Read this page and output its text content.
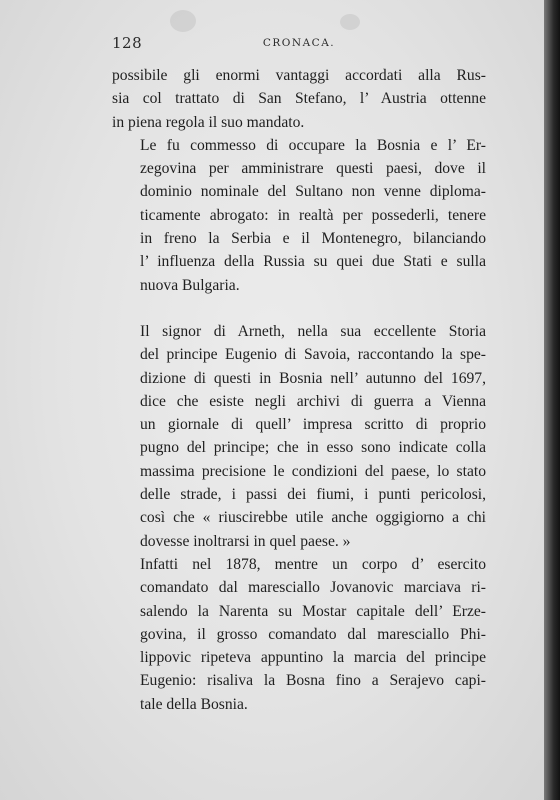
128	CRONACA.

possibile gli enormi vantaggi accordati alla Rus-
sia col trattato di San Stefano, l’ Austria ottenne
in piena regola il suo mandato.

Le fu commesso di occupare la Bosnia e l’ Er-
zegovina per amministrare questi paesi, dove il
dominio nominale del Sultano non venne diploma-
ticamente abrogato: in realtà per possederli, tenere
in freno la Serbia e il Montenegro, bilanciando
l’ influenza della Russia su quei due Stati e sulla
nuova Bulgaria.

Il signor di Arneth, nella sua eccellente Storia
del principe Eugenio di Savoia, raccontando la spe-
dizione di questi in Bosnia nell’ autunno del 1697,
dice che esiste negli archivi di guerra a Vienna
un giornale di quell’ impresa scritto di proprio
pugno del principe; che in esso sono indicate colla
massima precisione le condizioni del paese, lo stato
delle strade, i passi dei fiumi, i punti pericolosi,
così che « riuscirebbe utile anche oggigiorno a chi
dovesse inoltrarsi in quel paese. »

Infatti nel 1878, mentre un corpo d’ esercito
comandato dal maresciallo Jovanovic marciava ri-
salendo la Narenta su Mostar capitale dell’ Erze-
govina, il grosso comandato dal maresciallo Phi-
lippovic ripeteva appuntino la marcia del principe
Eugenio: risaliva la Bosna fino a Serajevo capi-
tale della Bosnia.
